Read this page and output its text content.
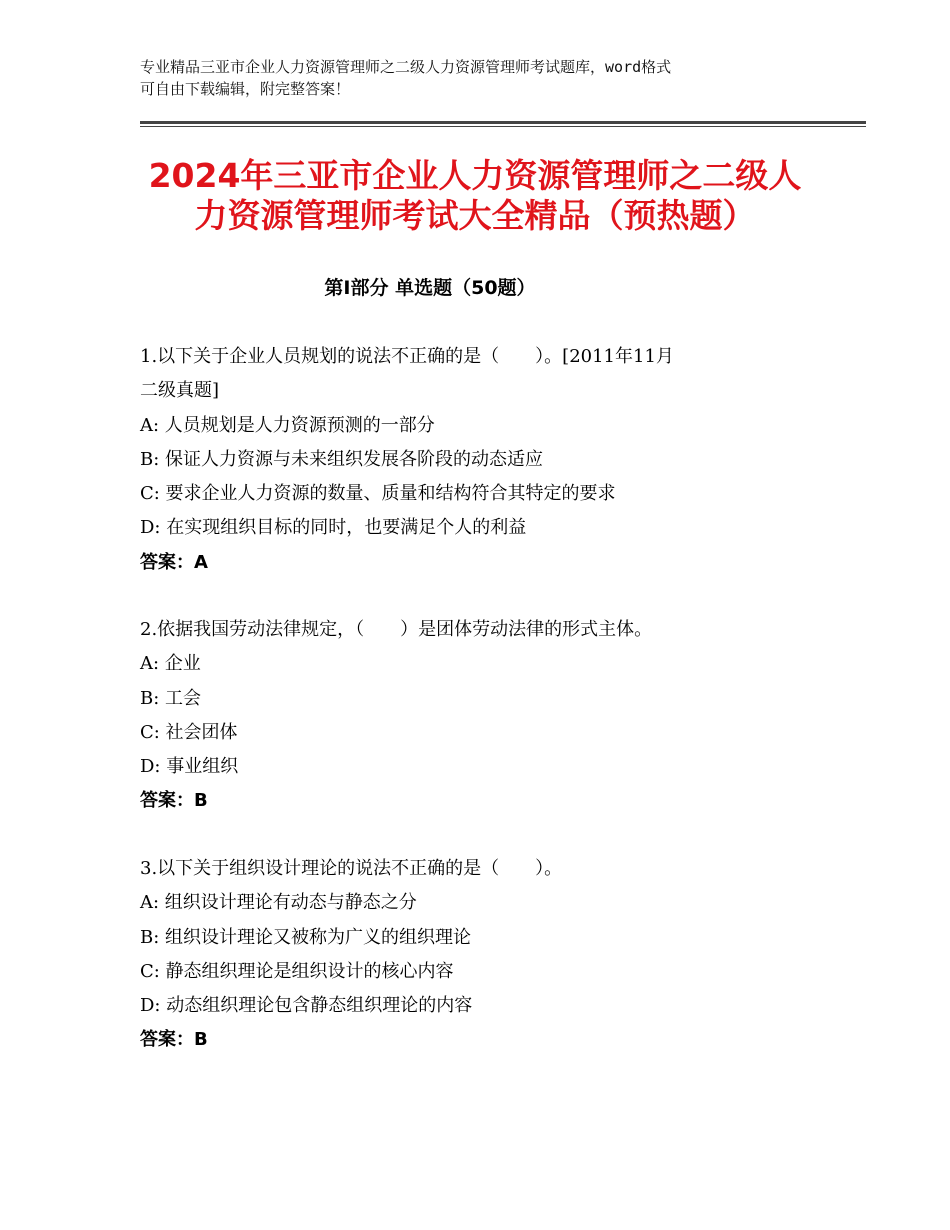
专业精品三亚市企业人力资源管理师之二级人力资源管理师考试题库，word格式
可自由下载编辑，附完整答案！
2024年三亚市企业人力资源管理师之二级人
力资源管理师考试大全精品（预热题）
第Ⅰ部分 单选题（50题）
1.以下关于企业人员规划的说法不正确的是（　　）。[2011年11月
二级真题]
A: 人员规划是人力资源预测的一部分
B: 保证人力资源与未来组织发展各阶段的动态适应
C: 要求企业人力资源的数量、质量和结构符合其特定的要求
D: 在实现组织目标的同时，也要满足个人的利益
答案：A
2.依据我国劳动法律规定，（　　）是团体劳动法律的形式主体。
A: 企业
B: 工会
C: 社会团体
D: 事业组织
答案：B
3.以下关于组织设计理论的说法不正确的是（　　）。
A: 组织设计理论有动态与静态之分
B: 组织设计理论又被称为广义的组织理论
C: 静态组织理论是组织设计的核心内容
D: 动态组织理论包含静态组织理论的内容
答案：B
